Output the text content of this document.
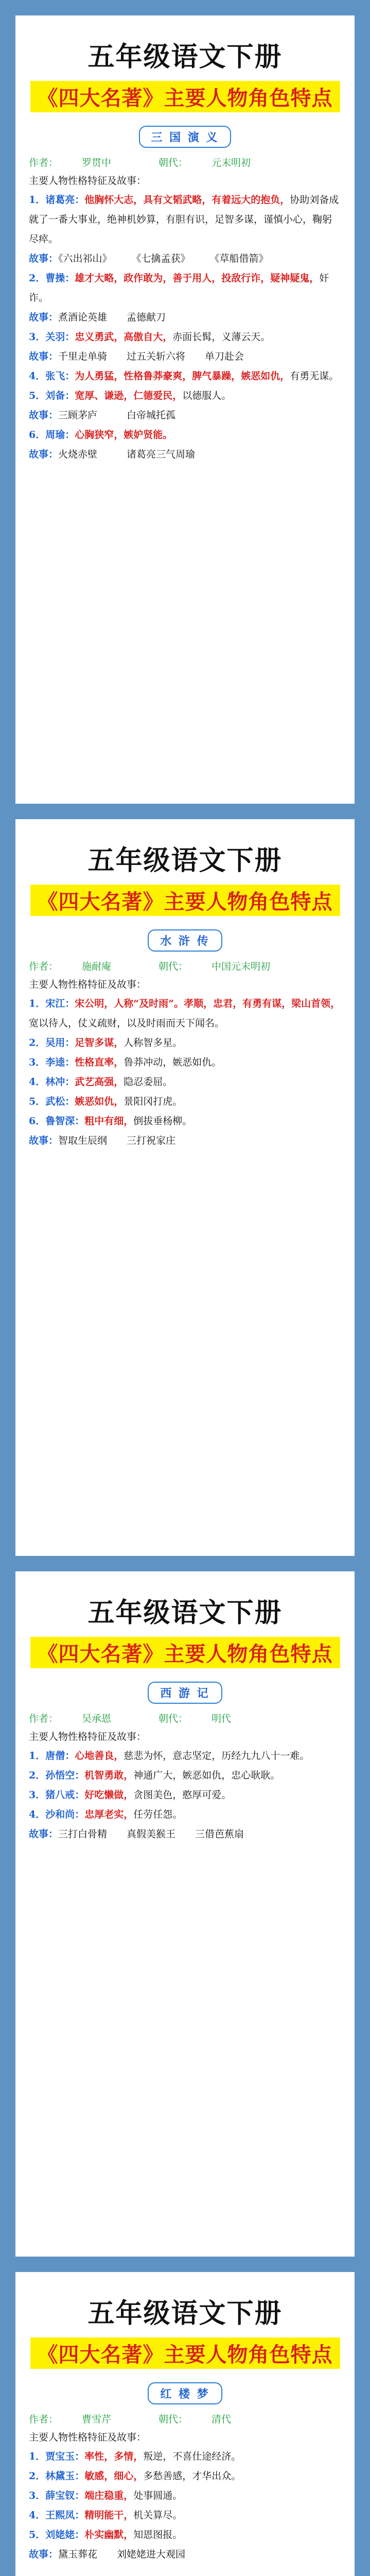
五年级语文下册
《四大名著》主要人物角色特点
三 国 演 义
作者： 罗贯中	朝代： 元末明初
主要人物性格特征及故事：

1．诸葛亮：他胸怀大志，具有文韬武略，有着远大的抱负，协助刘备成就了一番大事业，绝神机妙算，有胆有识，足智多谋，谨慎小心，鞠躬尽瘁。

故事：《六出祁山》　　　《七擒孟获》　　　《草船借箭》

2．曹操：雄才大略，政作敢为，善于用人，投敌行诈，疑神疑鬼，奸诈。

故事：煮酒论英雄　　孟德献刀

3．关羽：忠义勇武，高傲自大，赤面长髯，义薄云天。

故事：千里走单骑　　过五关斩六将　　单刀赴会

4．张飞：为人勇猛，性格鲁莽豪爽，脾气暴躁，嫉恶如仇，有勇无谋。

5．刘备：宽厚、谦逊，仁德爱民，以德服人。

故事：三顾茅庐　　　白帝城托孤

6．周瑜：心胸狭窄，嫉妒贤能。

故事：火烧赤壁　　　诸葛亮三气周瑜

五年级语文下册
《四大名著》主要人物角色特点
水 浒 传
作者： 施耐庵	朝代： 中国元末明初
主要人物性格特征及故事：

1．宋江：宋公明，人称“及时雨”。孝顺，忠君，有勇有谋，梁山首领，宽以待人，仗义疏财，以及时雨而天下闻名。

2．吴用：足智多谋，人称智多星。

3．李逵：性格直率，鲁莽冲动，嫉恶如仇。

4．林冲：武艺高强，隐忍委屈。

5．武松：嫉恶如仇，景阳冈打虎。

6．鲁智深：粗中有细，倒拔垂杨柳。

故事：智取生辰纲　　三打祝家庄

五年级语文下册
《四大名著》主要人物角色特点
西 游 记
作者： 吴承恩	朝代： 明代
主要人物性格特征及故事：

1．唐僧：心地善良，慈悲为怀，意志坚定，历经九九八十一难。

2．孙悟空：机智勇敢，神通广大，嫉恶如仇，忠心耿耿。

3．猪八戒：好吃懒做，贪图美色，憨厚可爱。

4．沙和尚：忠厚老实，任劳任怨。

故事：三打白骨精　　真假美猴王　　三借芭蕉扇

五年级语文下册
《四大名著》主要人物角色特点
红 楼 梦
作者： 曹雪芹	朝代： 清代
主要人物性格特征及故事：

1．贾宝玉：率性，多情，叛逆，不喜仕途经济。

2．林黛玉：敏感，细心，多愁善感，才华出众。

3．薛宝钗：端庄稳重，处事圆通。

4．王熙凤：精明能干，机关算尽。

5．刘姥姥：朴实幽默，知恩图报。

故事：黛玉葬花　　刘姥姥进大观园
